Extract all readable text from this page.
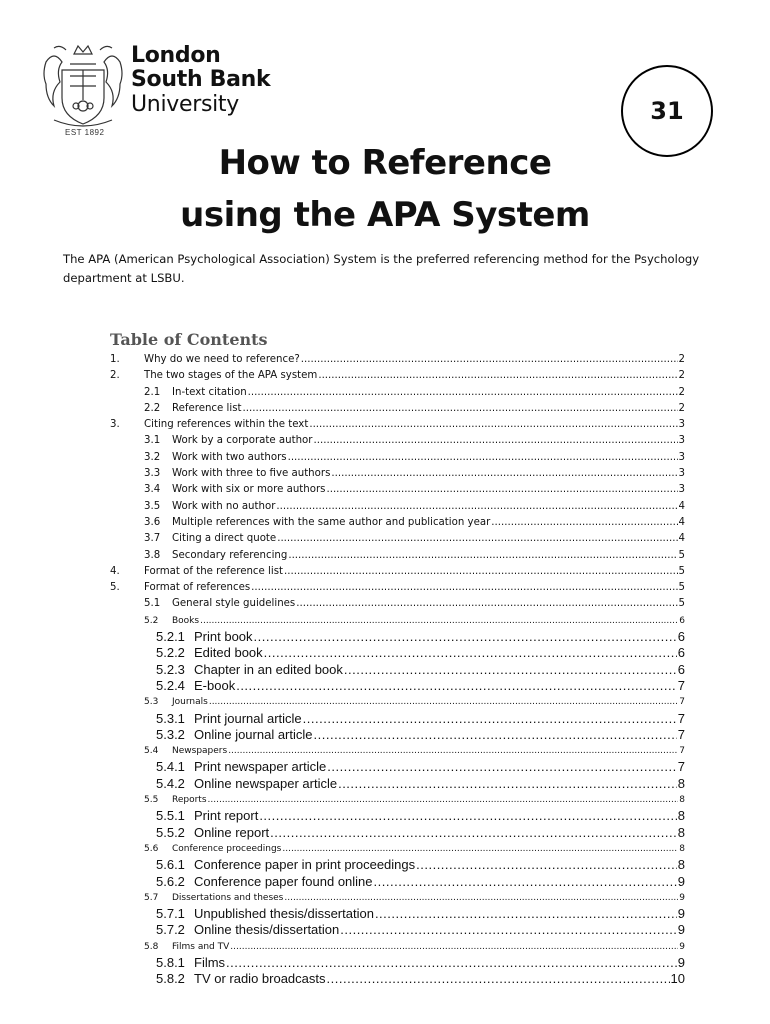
EST 1892
London
South Bank
University	31
How to Reference
using the APA System
The APA (American Psychological Association) System is the preferred referencing method for the Psychology department at LSBU.
Table of Contents
1.	Why do we need to reference? .....	2
2.	The two stages of the APA system .....	2
2.1	In-text citation .....	2
2.2	Reference list .....	2
3.	Citing references within the text .....	3
3.1	Work by a corporate author .....	3
3.2	Work with two authors .....	3
3.3	Work with three to five authors .....	3
3.4	Work with six or more authors .....	3
3.5	Work with no author .....	4
3.6	Multiple references with the same author and publication year .....	4
3.7	Citing a direct quote .....	4
3.8	Secondary referencing .....	5
4.	Format of the reference list .....	5
5.	Format of references .....	5
5.1	General style guidelines .....	5
5.2	Books .....	6
5.2.1 Print book .....	6
5.2.2 Edited book .....	6
5.2.3 Chapter in an edited book .....	6
5.2.4 E-book .....	7
5.3	Journals .....	7
5.3.1 Print journal article .....	7
5.3.2 Online journal article .....	7
5.4	Newspapers .....	7
5.4.1 Print newspaper article .....	7
5.4.2 Online newspaper article .....	8
5.5	Reports .....	8
5.5.1 Print report .....	8
5.5.2 Online report .....	8
5.6	Conference proceedings .....	8
5.6.1 Conference paper in print proceedings .....	8
5.6.2 Conference paper found online .....	9
5.7	Dissertations and theses .....	9
5.7.1 Unpublished thesis/dissertation .....	9
5.7.2 Online thesis/dissertation .....	9
5.8	Films and TV .....	9
5.8.1 Films .....	9
5.8.2 TV or radio broadcasts .....	10
